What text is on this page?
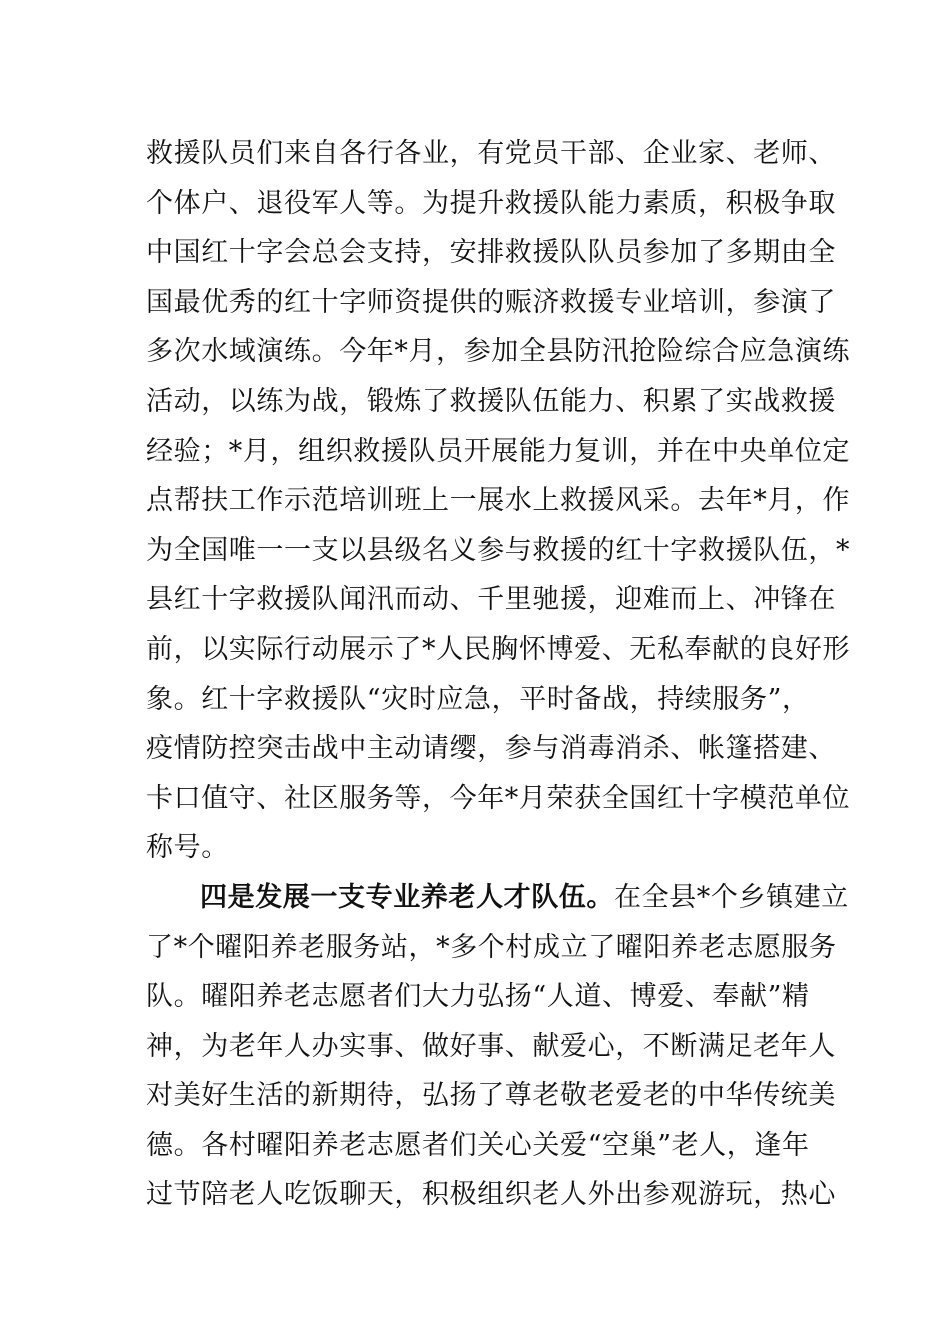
救援队员们来自各行各业，有党员干部、企业家、老师、
个体户、退役军人等。为提升救援队能力素质，积极争取
中国红十字会总会支持，安排救援队队员参加了多期由全
国最优秀的红十字师资提供的赈济救援专业培训，参演了
多次水域演练。今年*月，参加全县防汛抢险综合应急演练
活动，以练为战，锻炼了救援队伍能力、积累了实战救援
经验；*月，组织救援队员开展能力复训，并在中央单位定
点帮扶工作示范培训班上一展水上救援风采。去年*月，作
为全国唯一一支以县级名义参与救援的红十字救援队伍，*
县红十字救援队闻汛而动、千里驰援，迎难而上、冲锋在
前，以实际行动展示了*人民胸怀博爱、无私奉献的良好形
象。红十字救援队“灾时应急，平时备战，持续服务”，
疫情防控突击战中主动请缨，参与消毒消杀、帐篷搭建、
卡口值守、社区服务等，今年*月荣获全国红十字模范单位
称号。
四是发展一支专业养老人才队伍。在全县*个乡镇建立
了*个曜阳养老服务站，*多个村成立了曜阳养老志愿服务
队。曜阳养老志愿者们大力弘扬“人道、博爱、奉献”精
神，为老年人办实事、做好事、献爱心，不断满足老年人
对美好生活的新期待，弘扬了尊老敬老爱老的中华传统美
德。各村曜阳养老志愿者们关心关爱“空巢”老人，逢年
过节陪老人吃饭聊天，积极组织老人外出参观游玩，热心
